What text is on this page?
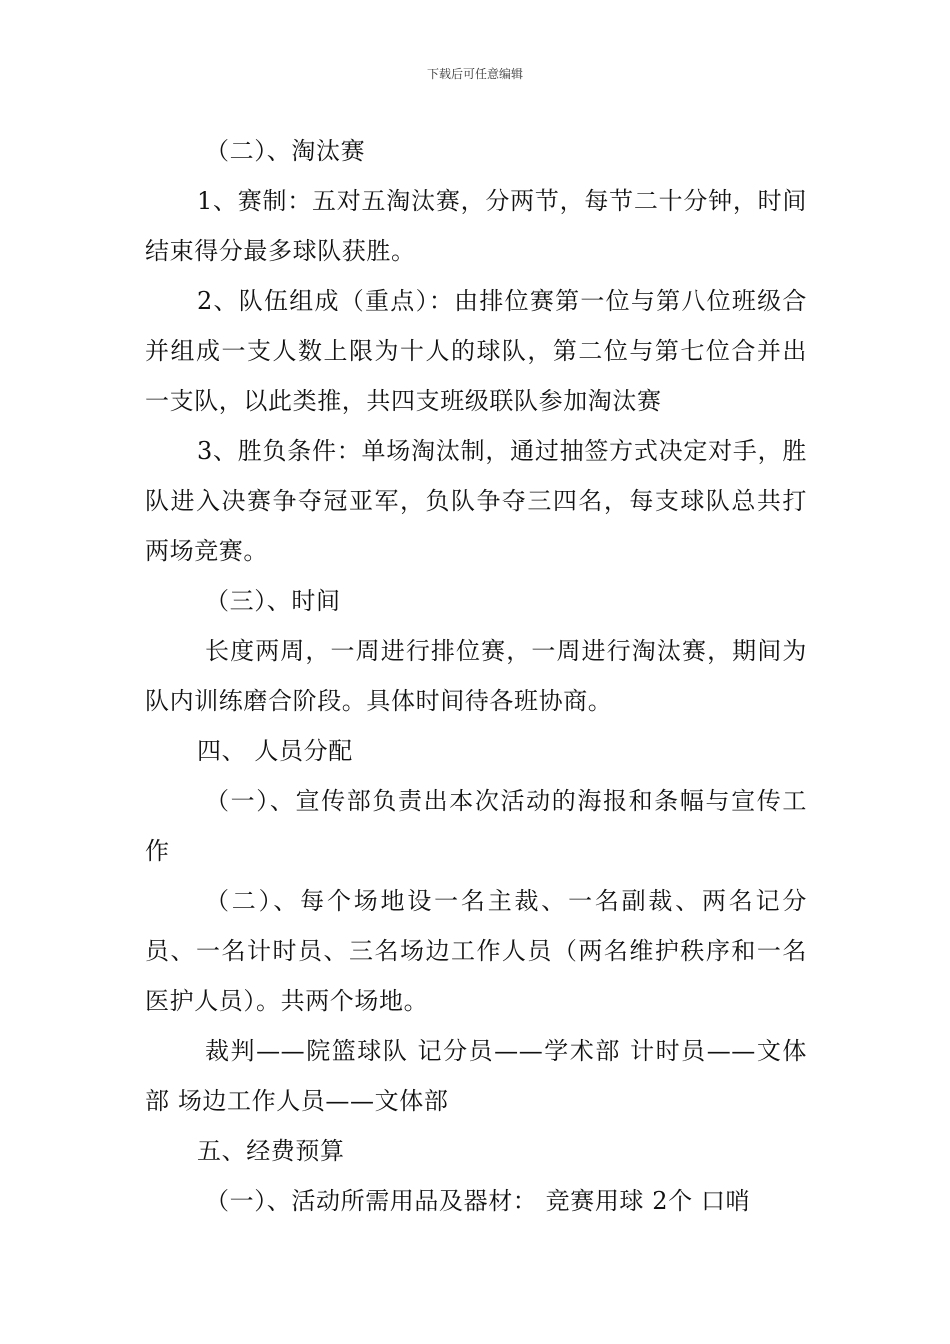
下载后可任意编辑

（二）、淘汰赛

1、赛制：五对五淘汰赛，分两节，每节二十分钟，时间结束得分最多球队获胜。

2、队伍组成（重点）：由排位赛第一位与第八位班级合并组成一支人数上限为十人的球队，第二位与第七位合并出一支队，以此类推，共四支班级联队参加淘汰赛

3、胜负条件：单场淘汰制，通过抽签方式决定对手，胜队进入决赛争夺冠亚军，负队争夺三四名，每支球队总共打两场竞赛。

（三）、时间

长度两周，一周进行排位赛，一周进行淘汰赛，期间为队内训练磨合阶段。具体时间待各班协商。

四、 人员分配

（一）、宣传部负责出本次活动的海报和条幅与宣传工作

（二）、每个场地设一名主裁、一名副裁、两名记分员、一名计时员、三名场边工作人员（两名维护秩序和一名医护人员）。共两个场地。

裁判——院篮球队 记分员——学术部 计时员——文体部 场边工作人员——文体部

五、经费预算

（一）、活动所需用品及器材： 竞赛用球 2个 口哨
